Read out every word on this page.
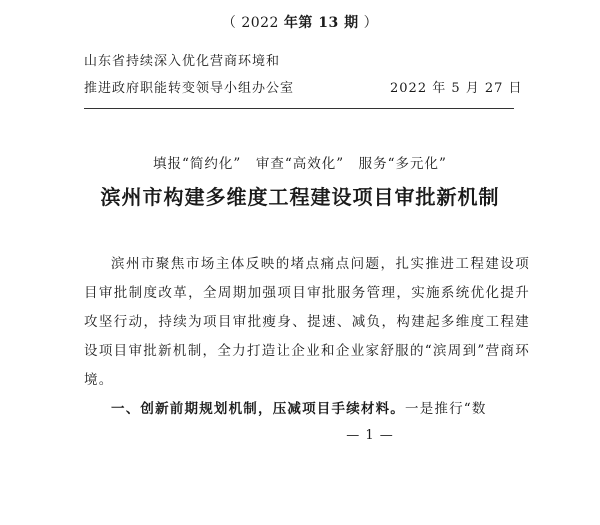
（ 2022 年第 13 期 ）
山东省持续深入优化营商环境和
推进政府职能转变领导小组办公室	2022 年 5 月 27 日
填报“简约化”　审查“高效化”　服务“多元化”
滨州市构建多维度工程建设项目审批新机制

滨州市聚焦市场主体反映的堵点痛点问题，扎实推进工程建设项目审批制度改革，全周期加强项目审批服务管理，实施系统优化提升攻坚行动，持续为项目审批瘦身、提速、减负，构建起多维度工程建设项目审批新机制，全力打造让企业和企业家舒服的“滨周到”营商环境。

一、创新前期规划机制，压减项目手续材料。一是推行“数

— 1 —
